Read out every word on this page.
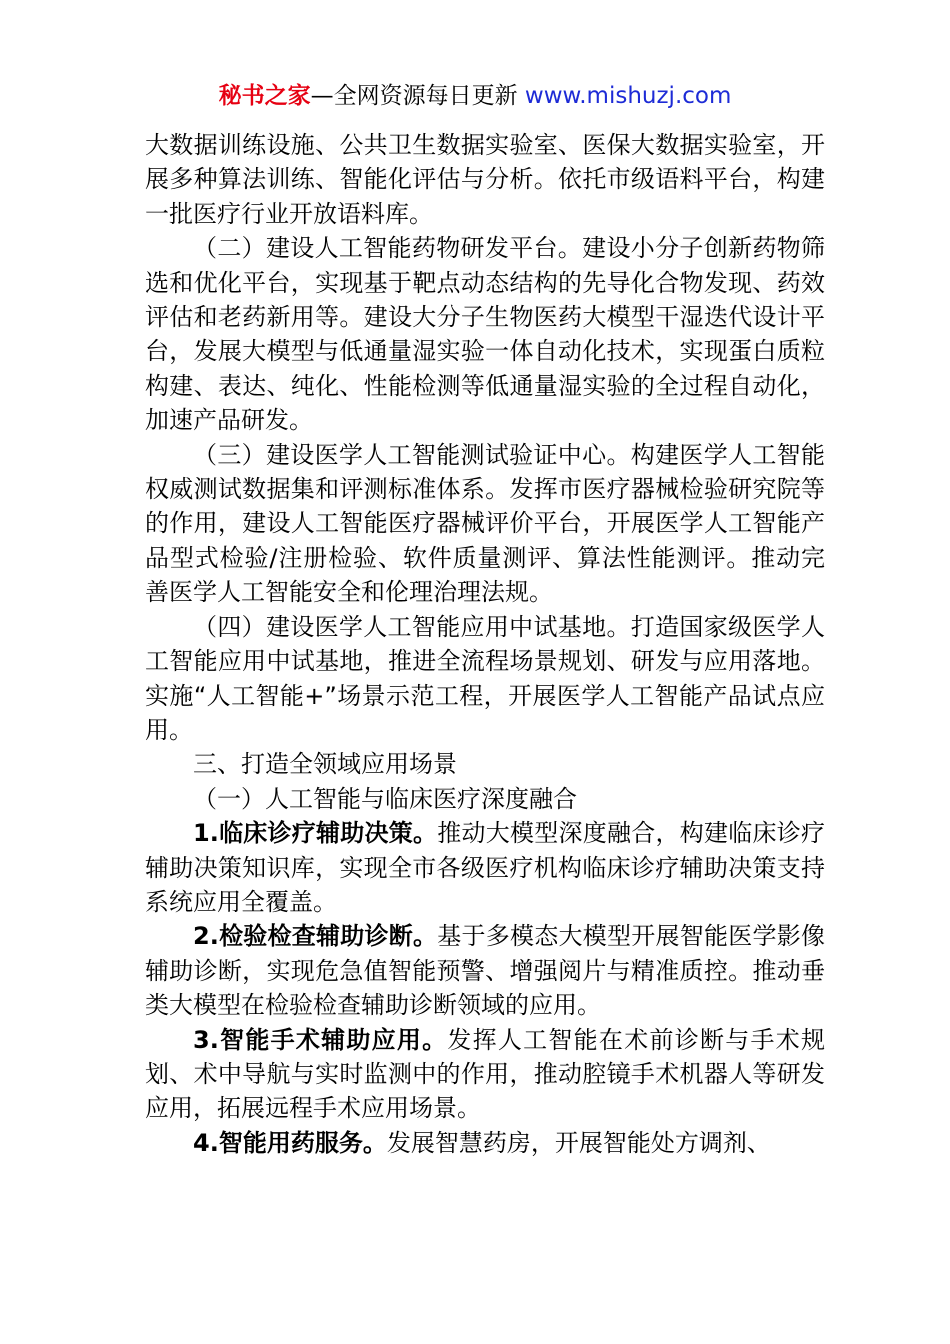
秘书之家—全网资源每日更新 www.mishuzj.com

大数据训练设施、公共卫生数据实验室、医保大数据实验室，开展多种算法训练、智能化评估与分析。依托市级语料平台，构建一批医疗行业开放语料库。

（二）建设人工智能药物研发平台。建设小分子创新药物筛选和优化平台，实现基于靶点动态结构的先导化合物发现、药效评估和老药新用等。建设大分子生物医药大模型干湿迭代设计平台，发展大模型与低通量湿实验一体自动化技术，实现蛋白质粒构建、表达、纯化、性能检测等低通量湿实验的全过程自动化，加速产品研发。

（三）建设医学人工智能测试验证中心。构建医学人工智能权威测试数据集和评测标准体系。发挥市医疗器械检验研究院等的作用，建设人工智能医疗器械评价平台，开展医学人工智能产品型式检验/注册检验、软件质量测评、算法性能测评。推动完善医学人工智能安全和伦理治理法规。

（四）建设医学人工智能应用中试基地。打造国家级医学人工智能应用中试基地，推进全流程场景规划、研发与应用落地。实施“人工智能+”场景示范工程，开展医学人工智能产品试点应用。

三、打造全领域应用场景

（一）人工智能与临床医疗深度融合

1.临床诊疗辅助决策。推动大模型深度融合，构建临床诊疗辅助决策知识库，实现全市各级医疗机构临床诊疗辅助决策支持系统应用全覆盖。

2.检验检查辅助诊断。基于多模态大模型开展智能医学影像辅助诊断，实现危急值智能预警、增强阅片与精准质控。推动垂类大模型在检验检查辅助诊断领域的应用。

3.智能手术辅助应用。发挥人工智能在术前诊断与手术规划、术中导航与实时监测中的作用，推动腔镜手术机器人等研发应用，拓展远程手术应用场景。

4.智能用药服务。发展智慧药房，开展智能处方调剂、
